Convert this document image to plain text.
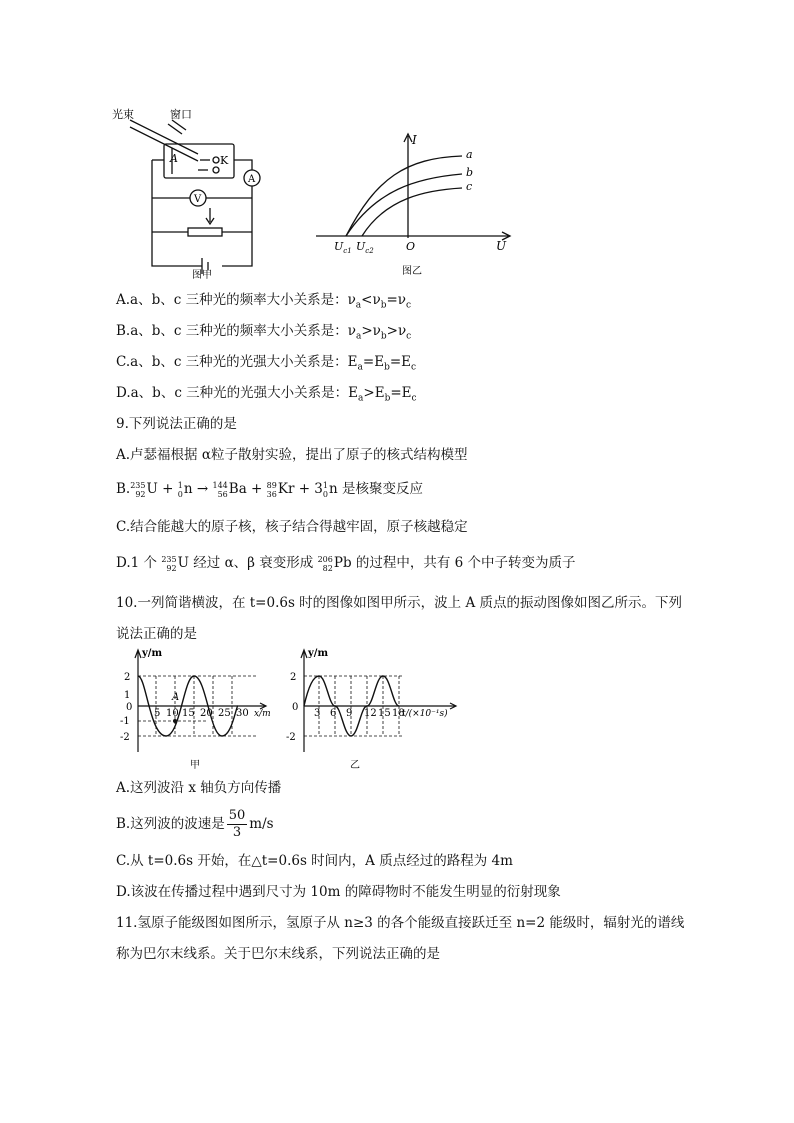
光束	窗口
A	K
A
V
图甲
I
U
O
a
b
c
$U_{c1}$ $U_{c2}$
图乙
A.a、b、c 三种光的频率大小关系是：$\nu_a<\nu_b=\nu_c$
B.a、b、c 三种光的频率大小关系是：$\nu_a>\nu_b>\nu_c$
C.a、b、c 三种光的光强大小关系是：$E_a=E_b=E_c$
D.a、b、c 三种光的光强大小关系是：$E_a>E_b=E_c$
9.下列说法正确的是
A.卢瑟福根据 α粒子散射实验，提出了原子的核式结构模型
B. 235
92 U + 1
0 n → 144
56 Ba + 89
36 Kr + 3 1
0 n 是核聚变反应
C.结合能越大的原子核，核子结合得越牢固，原子核越稳定
D.1 个 235
92 U 经过 α、β 衰变形成 206
82 Pb 的过程中，共有 6 个中子转变为质子
10.一列简谐横波，在 t=0.6s 时的图像如图甲所示，波上 A 质点的振动图像如图乙所示。下列
说法正确的是
y/m
x/m
2
1
0
-1
-2
5 10 15 20 25 30
A
甲
y/m
t/(×10⁻¹s)
2
0
-2
3 6 9 12 15 18
乙
A.这列波沿 x 轴负方向传播
B.这列波的波速是 $\frac{50}{3} m/s$
C.从 t=0.6s 开始，在△t=0.6s 时间内，A 质点经过的路程为 4m
D.该波在传播过程中遇到尺寸为 10m 的障碍物时不能发生明显的衍射现象
11.氢原子能级图如图所示，氢原子从 n≥3 的各个能级直接跃迁至 n=2 能级时，辐射光的谱线
称为巴尔末线系。关于巴尔末线系，下列说法正确的是
